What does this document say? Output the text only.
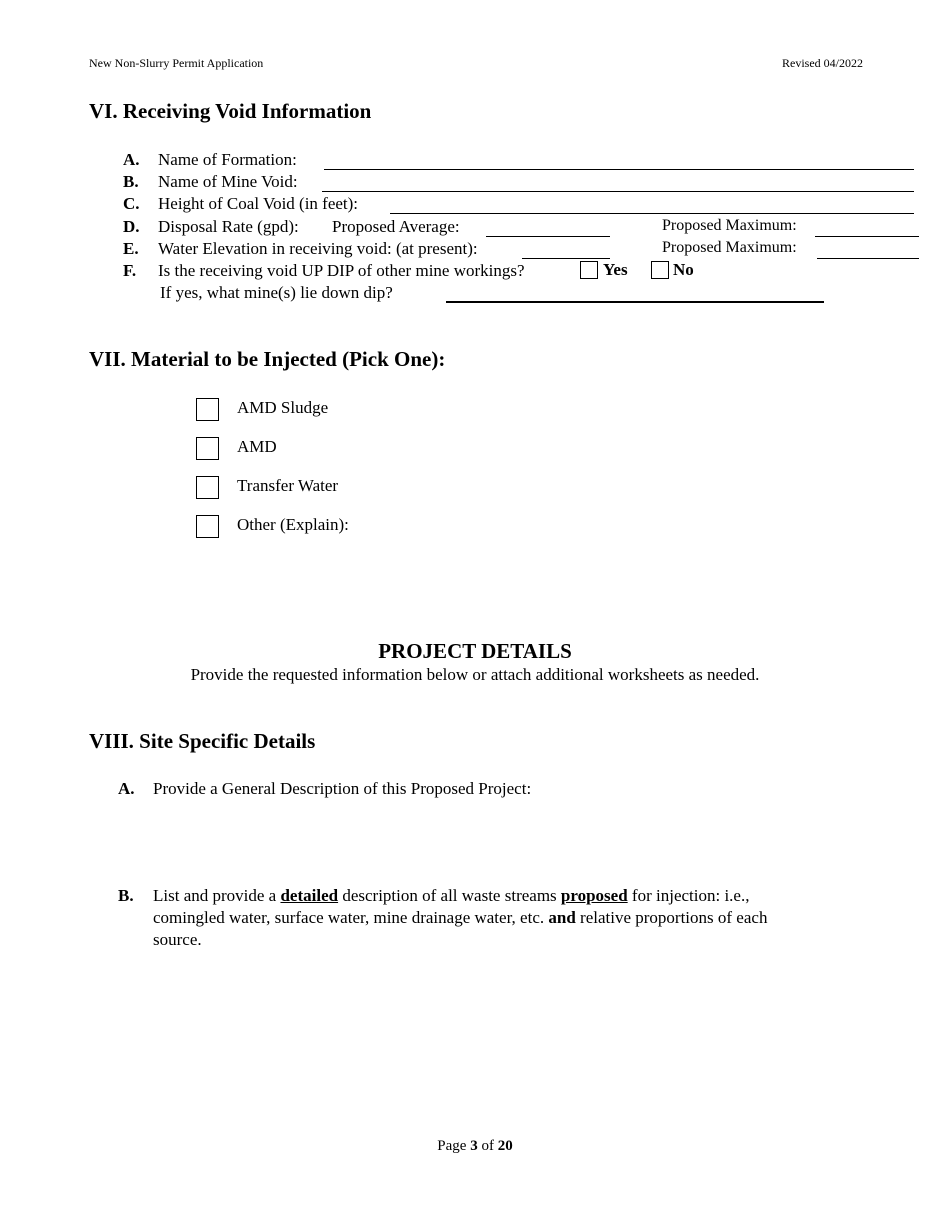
New Non-Slurry Permit Application	Revised 04/2022
VI. Receiving Void Information
A. Name of Formation:
B. Name of Mine Void:
C. Height of Coal Void (in feet):
D. Disposal Rate (gpd): Proposed Average:	Proposed Maximum:
E. Water Elevation in receiving void: (at present):	Proposed Maximum:
F. Is the receiving void UP DIP of other mine workings?	Yes	No
If yes, what mine(s) lie down dip?
VII. Material to be Injected (Pick One):
AMD Sludge
AMD
Transfer Water
Other (Explain):
PROJECT DETAILS
Provide the requested information below or attach additional worksheets as needed.
VIII. Site Specific Details
A. Provide a General Description of this Proposed Project:
B. List and provide a detailed description of all waste streams proposed for injection: i.e.,
comingled water, surface water, mine drainage water, etc. and relative proportions of each
source.
Page 3 of 20
